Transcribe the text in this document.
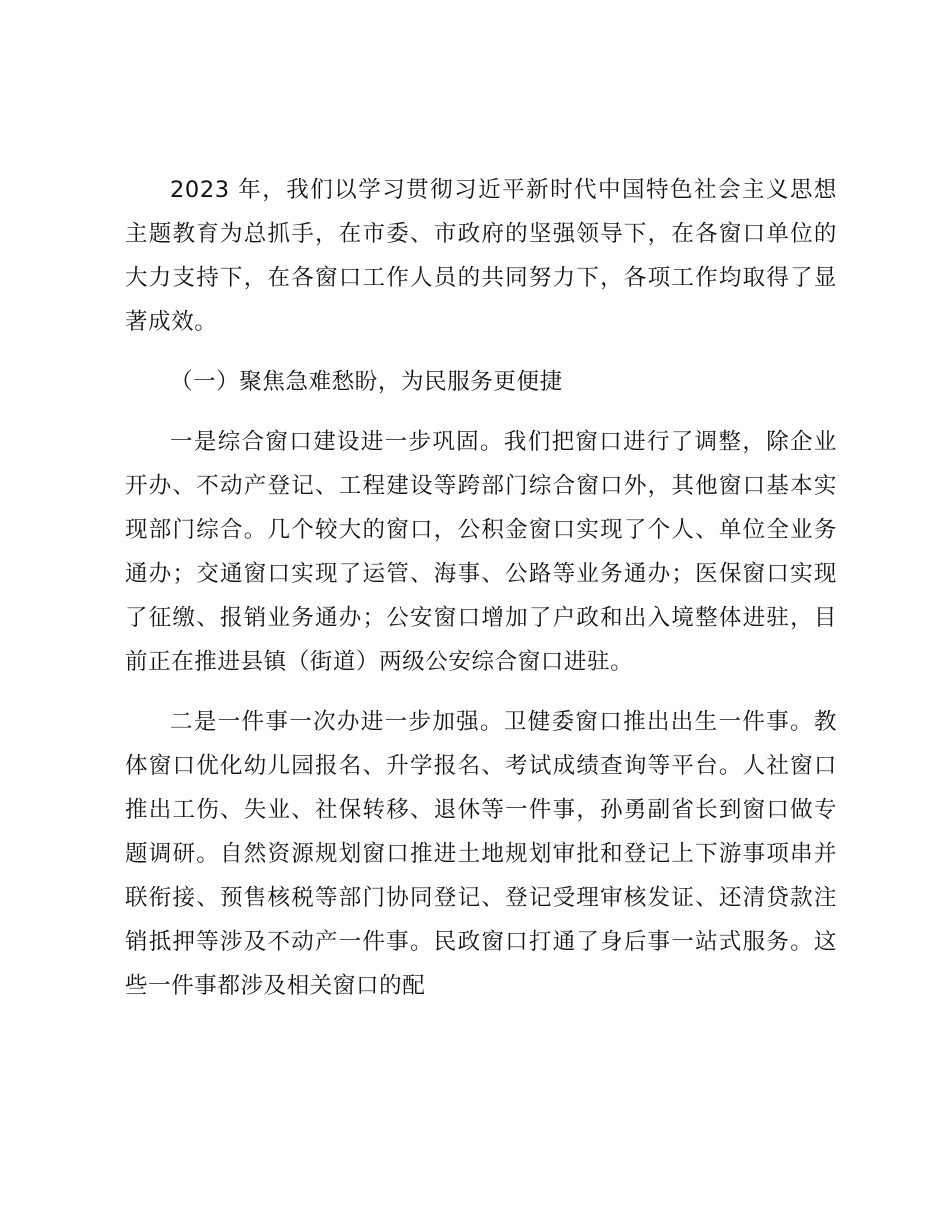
2023 年，我们以学习贯彻习近平新时代中国特色社会主义思想主题教育为总抓手，在市委、市政府的坚强领导下，在各窗口单位的大力支持下，在各窗口工作人员的共同努力下，各项工作均取得了显著成效。

（一）聚焦急难愁盼，为民服务更便捷

一是综合窗口建设进一步巩固。我们把窗口进行了调整，除企业开办、不动产登记、工程建设等跨部门综合窗口外，其他窗口基本实现部门综合。几个较大的窗口，公积金窗口实现了个人、单位全业务通办；交通窗口实现了运管、海事、公路等业务通办；医保窗口实现了征缴、报销业务通办；公安窗口增加了户政和出入境整体进驻，目前正在推进县镇（街道）两级公安综合窗口进驻。

二是一件事一次办进一步加强。卫健委窗口推出出生一件事。教体窗口优化幼儿园报名、升学报名、考试成绩查询等平台。人社窗口推出工伤、失业、社保转移、退休等一件事，孙勇副省长到窗口做专题调研。自然资源规划窗口推进土地规划审批和登记上下游事项串并联衔接、预售核税等部门协同登记、登记受理审核发证、还清贷款注销抵押等涉及不动产一件事。民政窗口打通了身后事一站式服务。这些一件事都涉及相关窗口的配
